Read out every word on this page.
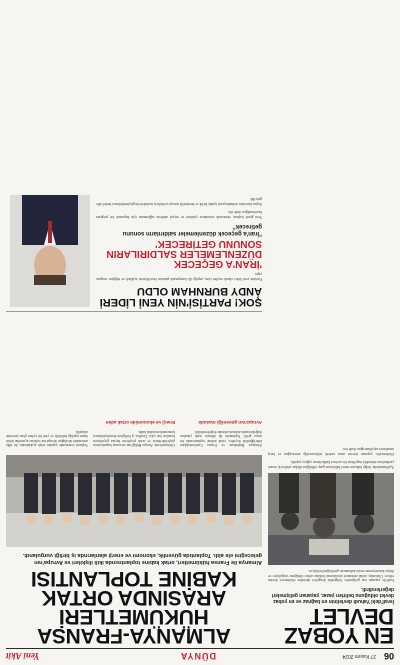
06
27 Kasım 2024
DÜNYA
Yeni Akit
EN YOBAZ DEVLET
İsrail'deki Yahudi devletinin en bağnaz ve en yobaz devlet olduğunu belirten yazar, yaşanan gelişmeleri değerlendirdi.

İsrail'de yaşanan son gelişmeler, bölgedeki dengeleri derinden etkilemeye devam ediyor. Uzmanlar, atılan adımların uluslararası hukuka aykırı olduğunu vurguluyor ve dünya kamuoyunun sessiz kalmaması gerektiğini belirtiyor.

Açıklamalarda, bölge halkının temel haklarının gasp edildiğine dikkat çekilerek, insani yardımların önündeki engellerin bir an önce kaldırılması çağrısı yapıldı.

Gözlemciler, yaşanan sürecin uzun vadede istikrarsızlığı artıracağını ve barış umutlarını zayıflatacağını ifade etti.

ALMANYA-FRANSA HÜKÜMETLERİ ARASINDA ORTAK KABİNE TOPLANTISI
Almanya ile Fransa hükümetleri, ortak kabine toplantısında ikili ilişkileri ve Avrupa'nın geleceğini ele aldı. Toplantıda güvenlik, ekonomi ve enerji alanlarında iş birliği vurgulandı.

Almanya Başbakanı ve Fransa Cumhurbaşkanı liderliğindeki heyetler, ortak kabine toplantısında bir araya geldi. Toplantıda iki ülkenin ortak çıkarları doğrultusunda atılacak adımlar değerlendirildi.

Avrupa'nın güvenliği masada

Görüşmelerde, Avrupa Birliği'nin savunma kapasitesinin güçlendirilmesi ve ortak projelerin hayata geçirilmesi konuları öne çıktı. Taraflar, iş birliğinin derinleştirilmesi konusunda mutabık kaldı.

Enerji ve ekonomide ortak adım

Toplantı sonrasında yapılan ortak açıklamada, iki ülke arasındaki dostluğun Avrupa'nın istikrarı açısından kritik önem taşıdığı belirtildi ve yeni bir eylem planı üzerinde uzlaşıldı.

ŞOK! PARTİSİ'NİN YENİ LİDERİ ANDY BURNHAM OLDU

Partinin yeni lideri olarak seçilen isim, yaptığı ilk konuşmada partinin önceliklerini açıkladı ve değişim vurgusu yaptı.

'İRAN'A GEÇECEK DÜZENLEMELER SALDIRILARIN SONUNU GETİRECEK'
"İran'a geçecek düzenlemeler saldırıların sonunu getirecek"

Yeni genel başkan, ekonomik sorunların çözümü ve sosyal adaletin sağlanması için kapsamlı bir program hazırlandığını ifade etti.

Seçim sürecinin ardından parti içinde birlik ve beraberlik mesajı verilirken, muhalefetin güçlendirilmesi hedefi dile getirildi.
